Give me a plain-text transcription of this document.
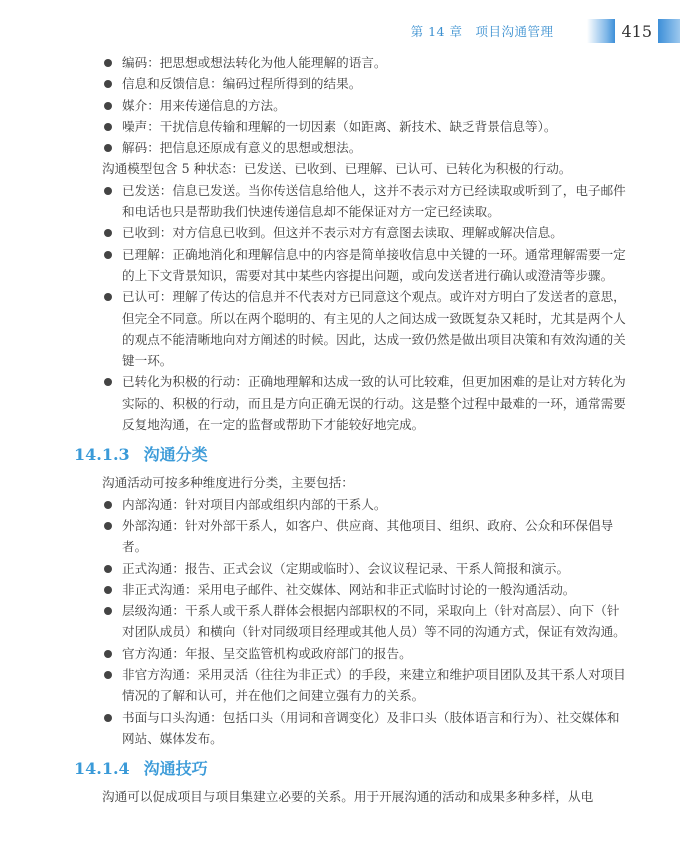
第 14 章　项目沟通管理	415
编码：把思想或想法转化为他人能理解的语言。
信息和反馈信息：编码过程所得到的结果。
媒介：用来传递信息的方法。
噪声：干扰信息传输和理解的一切因素（如距离、新技术、缺乏背景信息等）。
解码：把信息还原成有意义的思想或想法。
沟通模型包含 5 种状态：已发送、已收到、已理解、已认可、已转化为积极的行动。
已发送：信息已发送。当你传送信息给他人，这并不表示对方已经读取或听到了，电子邮件和电话也只是帮助我们快速传递信息却不能保证对方一定已经读取。
已收到：对方信息已收到。但这并不表示对方有意图去读取、理解或解决信息。
已理解：正确地消化和理解信息中的内容是简单接收信息中关键的一环。通常理解需要一定的上下文背景知识，需要对其中某些内容提出问题，或向发送者进行确认或澄清等步骤。
已认可：理解了传达的信息并不代表对方已同意这个观点。或许对方明白了发送者的意思，但完全不同意。所以在两个聪明的、有主见的人之间达成一致既复杂又耗时，尤其是两个人的观点不能清晰地向对方阐述的时候。因此，达成一致仍然是做出项目决策和有效沟通的关键一环。
已转化为积极的行动：正确地理解和达成一致的认可比较难，但更加困难的是让对方转化为实际的、积极的行动，而且是方向正确无误的行动。这是整个过程中最难的一环，通常需要反复地沟通，在一定的监督或帮助下才能较好地完成。
14.1.3 沟通分类
沟通活动可按多种维度进行分类，主要包括：
内部沟通：针对项目内部或组织内部的干系人。
外部沟通：针对外部干系人，如客户、供应商、其他项目、组织、政府、公众和环保倡导者。
正式沟通：报告、正式会议（定期或临时）、会议议程记录、干系人简报和演示。
非正式沟通：采用电子邮件、社交媒体、网站和非正式临时讨论的一般沟通活动。
层级沟通：干系人或干系人群体会根据内部职权的不同，采取向上（针对高层）、向下（针对团队成员）和横向（针对同级项目经理或其他人员）等不同的沟通方式，保证有效沟通。
官方沟通：年报、呈交监管机构或政府部门的报告。
非官方沟通：采用灵活（往往为非正式）的手段，来建立和维护项目团队及其干系人对项目情况的了解和认可，并在他们之间建立强有力的关系。
书面与口头沟通：包括口头（用词和音调变化）及非口头（肢体语言和行为）、社交媒体和网站、媒体发布。
14.1.4 沟通技巧
沟通可以促成项目与项目集建立必要的关系。用于开展沟通的活动和成果多种多样，从电
